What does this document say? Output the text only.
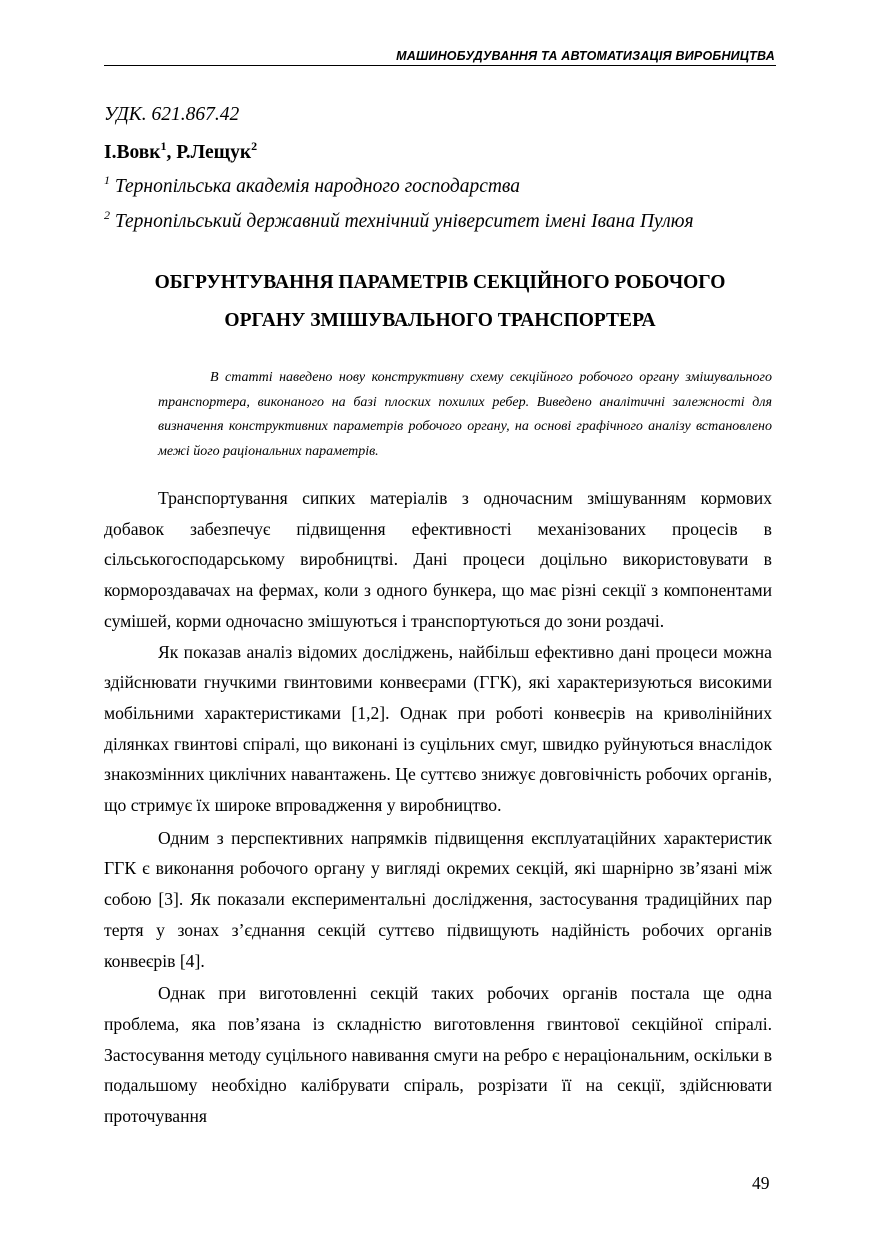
МАШИНОБУДУВАННЯ ТА АВТОМАТИЗАЦІЯ ВИРОБНИЦТВА
УДК. 621.867.42
І.Вовк$^1$, Р.Лещук$^2$
$^1$ Тернопільська академія народного господарства
$^2$ Тернопільський державний технічний університет імені Івана Пулюя
ОБГРУНТУВАННЯ ПАРАМЕТРІВ СЕКЦІЙНОГО РОБОЧОГО
ОРГАНУ ЗМІШУВАЛЬНОГО ТРАНСПОРТЕРА

В статті наведено нову конструктивну схему секційного робочого органу змішувального транспортера, виконаного на базі плоских похилих ребер. Виведено аналітичні залежності для визначення конструктивних параметрів робочого органу, на основі графічного аналізу встановлено межі його раціональних параметрів.

Транспортування сипких матеріалів з одночасним змішуванням кормових добавок забезпечує підвищення ефективності механізованих процесів в сільськогосподарському виробництві. Дані процеси доцільно використовувати в кормороздавачах на фермах, коли з одного бункера, що має різні секції з компонентами сумішей, корми одночасно змішуються і транспортуються до зони роздачі.

Як показав аналіз відомих досліджень, найбільш ефективно дані процеси можна здійснювати гнучкими гвинтовими конвеєрами (ГГК), які характеризуються високими мобільними характеристиками [1,2]. Однак при роботі конвеєрів на криволінійних ділянках гвинтові спіралі, що виконані із суцільних смуг, швидко руйнуються внаслідок знакозмінних циклічних навантажень. Це суттєво знижує довговічність робочих органів, що стримує їх широке впровадження у виробництво.

Одним з перспективних напрямків підвищення експлуатаційних характеристик ГГК є виконання робочого органу у вигляді окремих секцій, які шарнірно зв’язані між собою [3]. Як показали експериментальні дослідження, застосування традиційних пар тертя у зонах з’єднання секцій суттєво підвищують надійність робочих органів конвеєрів [4].

Однак при виготовленні секцій таких робочих органів постала ще одна проблема, яка пов’язана із складністю виготовлення гвинтової секційної спіралі. Застосування методу суцільного навивання смуги на ребро є нераціональним, оскільки в подальшому необхідно калібрувати спіраль, розрізати її на секції, здійснювати проточування

49
